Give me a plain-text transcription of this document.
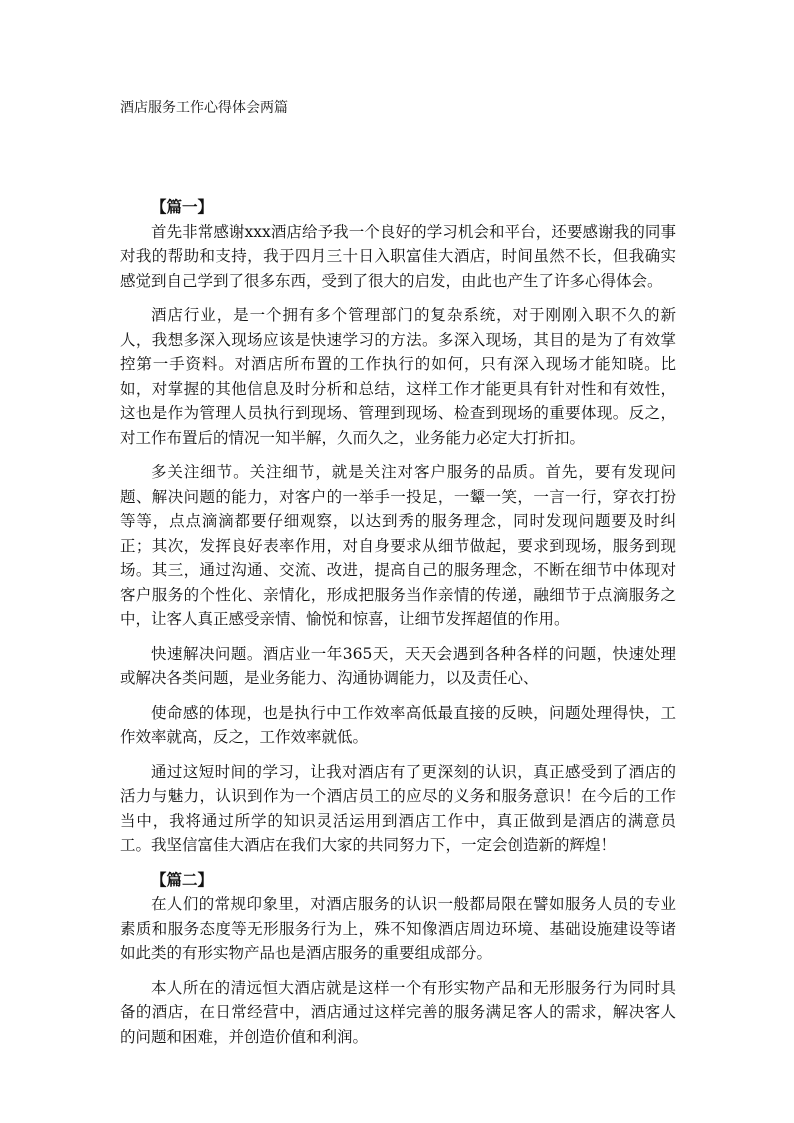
酒店服务工作心得体会两篇

【篇一】

首先非常感谢xxx酒店给予我一个良好的学习机会和平台，还要感谢我的同事对我的帮助和支持，我于四月三十日入职富佳大酒店，时间虽然不长，但我确实感觉到自己学到了很多东西，受到了很大的启发，由此也产生了许多心得体会。

酒店行业，是一个拥有多个管理部门的复杂系统，对于刚刚入职不久的新人，我想多深入现场应该是快速学习的方法。多深入现场，其目的是为了有效掌控第一手资料。对酒店所布置的工作执行的如何，只有深入现场才能知晓。比如，对掌握的其他信息及时分析和总结，这样工作才能更具有针对性和有效性，这也是作为管理人员执行到现场、管理到现场、检查到现场的重要体现。反之，对工作布置后的情况一知半解，久而久之，业务能力必定大打折扣。

多关注细节。关注细节，就是关注对客户服务的品质。首先，要有发现问题、解决问题的能力，对客户的一举手一投足，一颦一笑，一言一行，穿衣打扮等等，点点滴滴都要仔细观察，以达到秀的服务理念，同时发现问题要及时纠正；其次，发挥良好表率作用，对自身要求从细节做起，要求到现场，服务到现场。其三，通过沟通、交流、改进，提高自己的服务理念，不断在细节中体现对客户服务的个性化、亲情化，形成把服务当作亲情的传递，融细节于点滴服务之中，让客人真正感受亲情、愉悦和惊喜，让细节发挥超值的作用。

快速解决问题。酒店业一年365天，天天会遇到各种各样的问题，快速处理或解决各类问题，是业务能力、沟通协调能力，以及责任心、

使命感的体现，也是执行中工作效率高低最直接的反映，问题处理得快，工作效率就高，反之，工作效率就低。

通过这短时间的学习，让我对酒店有了更深刻的认识，真正感受到了酒店的活力与魅力，认识到作为一个酒店员工的应尽的义务和服务意识！在今后的工作当中，我将通过所学的知识灵活运用到酒店工作中，真正做到是酒店的满意员工。我坚信富佳大酒店在我们大家的共同努力下，一定会创造新的辉煌！

【篇二】

在人们的常规印象里，对酒店服务的认识一般都局限在譬如服务人员的专业素质和服务态度等无形服务行为上，殊不知像酒店周边环境、基础设施建设等诸如此类的有形实物产品也是酒店服务的重要组成部分。

本人所在的清远恒大酒店就是这样一个有形实物产品和无形服务行为同时具备的酒店，在日常经营中，酒店通过这样完善的服务满足客人的需求，解决客人的问题和困难，并创造价值和利润。
